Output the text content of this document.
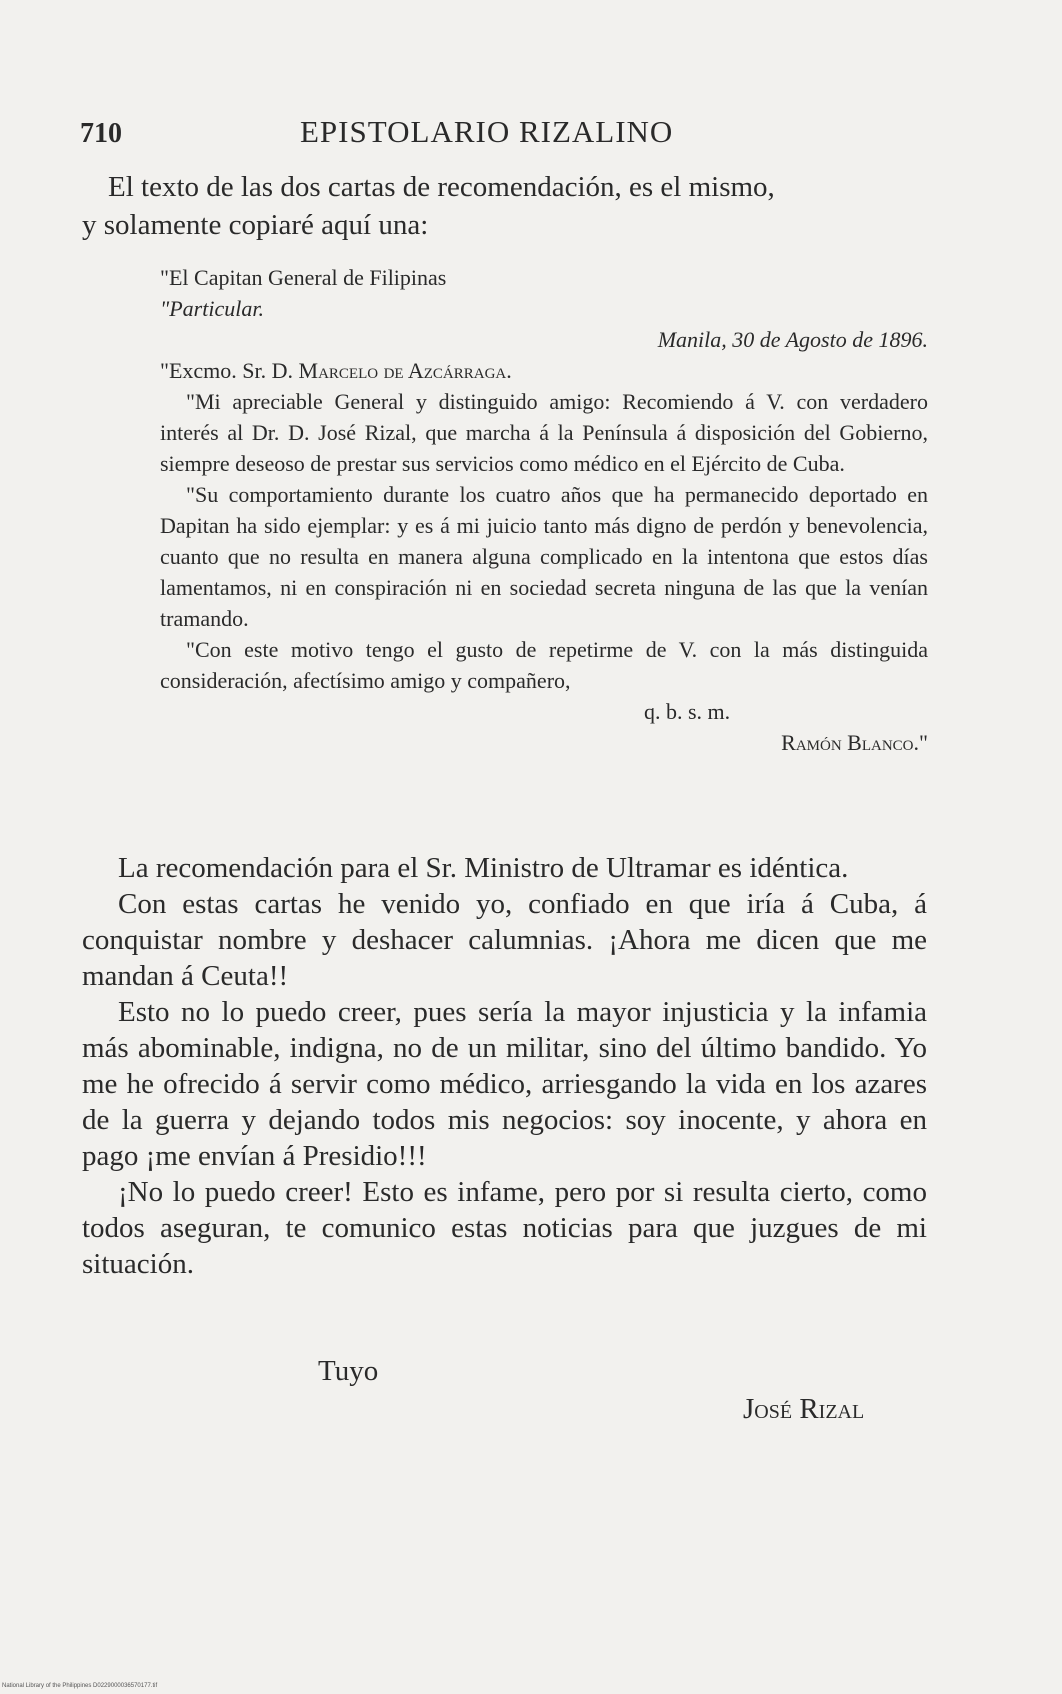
710	EPISTOLARIO RIZALINO
El texto de las dos cartas de recomendación, es el mismo,
y solamente copiaré aquí una:
"El Capitan General de Filipinas
"Particular.
Manila, 30 de Agosto de 1896.
"Excmo. Sr. D. Marcelo de Azcárraga.

"Mi apreciable General y distinguido amigo: Recomiendo á V. con verdadero interés al Dr. D. José Rizal, que marcha á la Península á disposición del Gobierno, siempre deseoso de prestar sus servicios como médico en el Ejército de Cuba.

"Su comportamiento durante los cuatro años que ha permanecido deportado en Dapitan ha sido ejemplar: y es á mi juicio tanto más digno de perdón y benevolencia, cuanto que no resulta en manera alguna complicado en la intentona que estos días lamentamos, ni en conspiración ni en sociedad secreta ninguna de las que la venían tramando.

"Con este motivo tengo el gusto de repetirme de V. con la más distinguida consideración, afectísimo amigo y compañero,

q. b. s. m.
Ramón Blanco."

La recomendación para el Sr. Ministro de Ultramar es idéntica.

Con estas cartas he venido yo, confiado en que iría á Cuba, á conquistar nombre y deshacer calumnias. ¡Ahora me dicen que me mandan á Ceuta!!

Esto no lo puedo creer, pues sería la mayor injusticia y la infamia más abominable, indigna, no de un militar, sino del último bandido. Yo me he ofrecido á servir como médico, arriesgando la vida en los azares de la guerra y dejando todos mis negocios: soy inocente, y ahora en pago ¡me envían á Presidio!!!

¡No lo puedo creer! Esto es infame, pero por si resulta cierto, como todos aseguran, te comunico estas noticias para que juzgues de mi situación.

Tuyo
José Rizal
National Library of the Philippines D0229000036570177.tif
